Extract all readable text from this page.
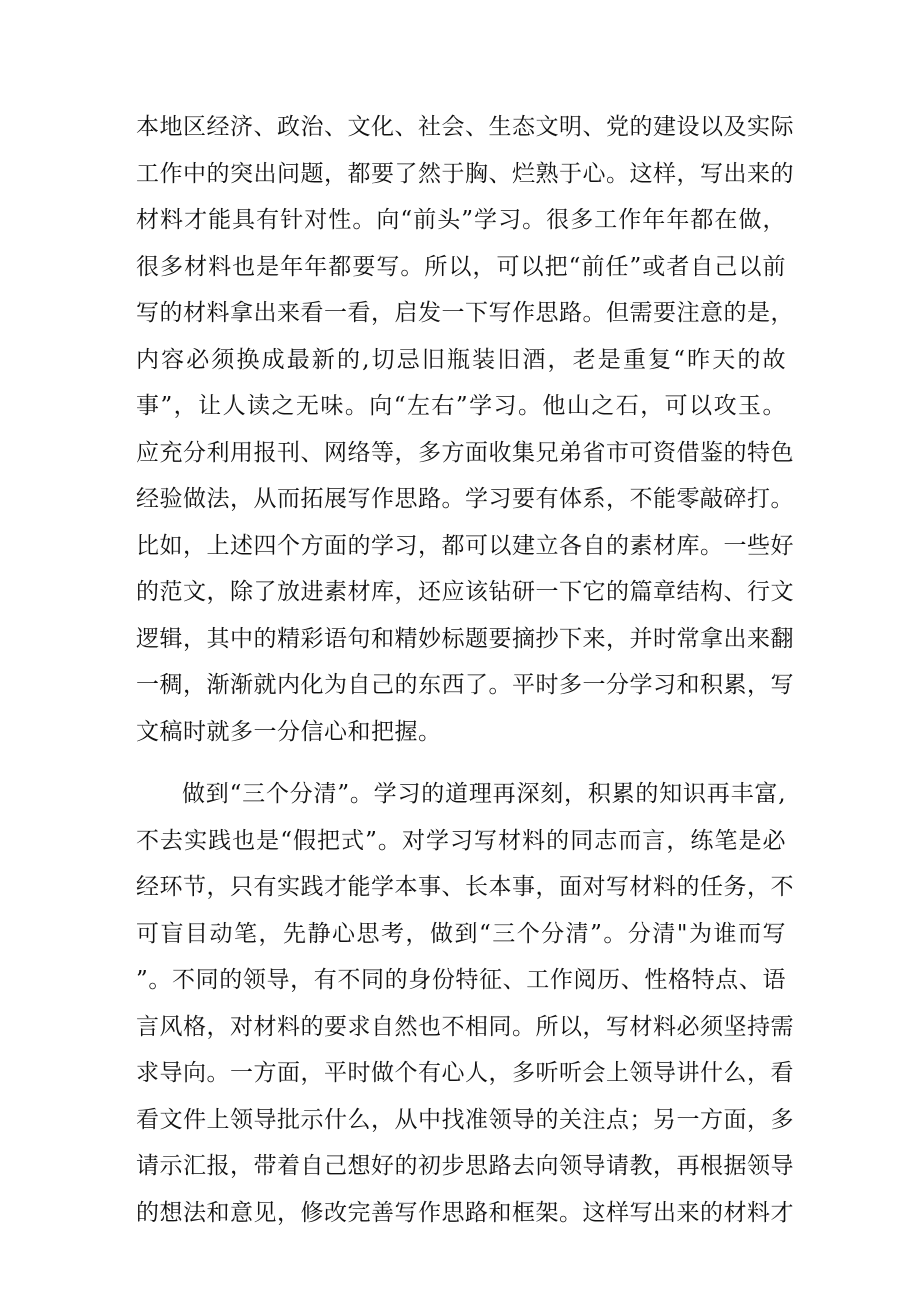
本地区经济、政治、文化、社会、生态文明、党的建设以及实际
工作中的突出问题，都要了然于胸、烂熟于心。这样，写出来的
材料才能具有针对性。向“前头”学习。很多工作年年都在做，
很多材料也是年年都要写。所以，可以把“前任”或者自己以前
写的材料拿出来看一看，启发一下写作思路。但需要注意的是，
内容必须换成最新的,切忌旧瓶装旧酒，老是重复“昨天的故
事”，让人读之无味。向“左右”学习。他山之石，可以攻玉。
应充分利用报刊、网络等，多方面收集兄弟省市可资借鉴的特色
经验做法，从而拓展写作思路。学习要有体系，不能零敲碎打。
比如，上述四个方面的学习，都可以建立各自的素材库。一些好
的范文，除了放进素材库，还应该钻研一下它的篇章结构、行文
逻辑，其中的精彩语句和精妙标题要摘抄下来，并时常拿出来翻
一稠，渐渐就内化为自己的东西了。平时多一分学习和积累，写
文稿时就多一分信心和把握。
做到“三个分清”。学习的道理再深刻，积累的知识再丰富,
不去实践也是“假把式”。对学习写材料的同志而言，练笔是必
经环节，只有实践才能学本事、长本事，面对写材料的任务，不
可盲目动笔，先静心思考，做到“三个分清”。分清"为谁而写
”。不同的领导，有不同的身份特征、工作阅历、性格特点、语
言风格，对材料的要求自然也不相同。所以，写材料必须坚持需
求导向。一方面，平时做个有心人，多听听会上领导讲什么，看
看文件上领导批示什么，从中找准领导的关注点；另一方面，多
请示汇报，带着自己想好的初步思路去向领导请教，再根据领导
的想法和意见，修改完善写作思路和框架。这样写出来的材料才
